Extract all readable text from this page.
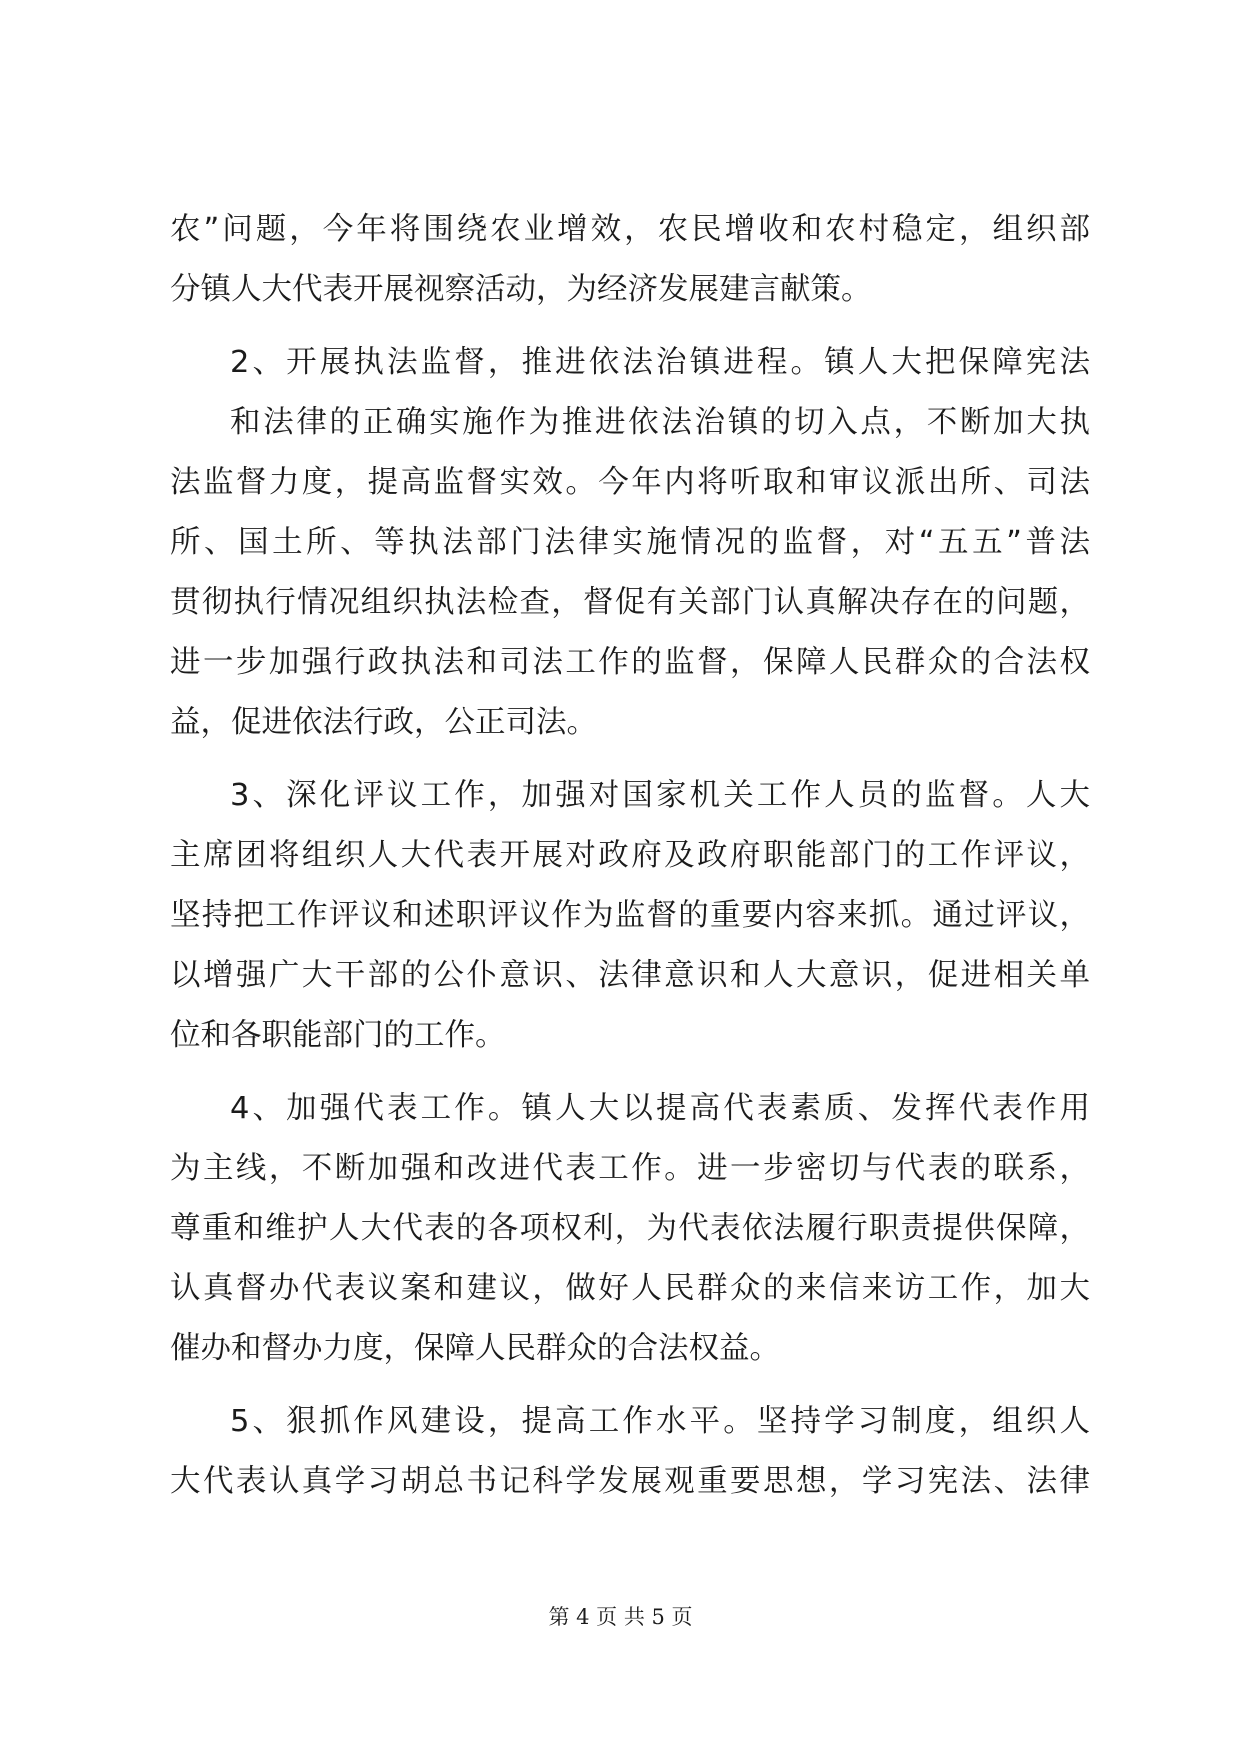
农”问题，今年将围绕农业增效，农民增收和农村稳定，组织部
分镇人大代表开展视察活动，为经济发展建言献策。
2、开展执法监督，推进依法治镇进程。镇人大把保障宪法
和法律的正确实施作为推进依法治镇的切入点，不断加大执
法监督力度，提高监督实效。今年内将听取和审议派出所、司法
所、国土所、等执法部门法律实施情况的监督，对“五五”普法
贯彻执行情况组织执法检查，督促有关部门认真解决存在的问题，
进一步加强行政执法和司法工作的监督，保障人民群众的合法权
益，促进依法行政，公正司法。
3、深化评议工作，加强对国家机关工作人员的监督。人大
主席团将组织人大代表开展对政府及政府职能部门的工作评议，
坚持把工作评议和述职评议作为监督的重要内容来抓。通过评议，
以增强广大干部的公仆意识、法律意识和人大意识，促进相关单
位和各职能部门的工作。
4、加强代表工作。镇人大以提高代表素质、发挥代表作用
为主线，不断加强和改进代表工作。进一步密切与代表的联系，
尊重和维护人大代表的各项权利，为代表依法履行职责提供保障，
认真督办代表议案和建议，做好人民群众的来信来访工作，加大
催办和督办力度，保障人民群众的合法权益。
5、狠抓作风建设，提高工作水平。坚持学习制度，组织人
大代表认真学习胡总书记科学发展观重要思想，学习宪法、法律
第 4 页 共 5 页
